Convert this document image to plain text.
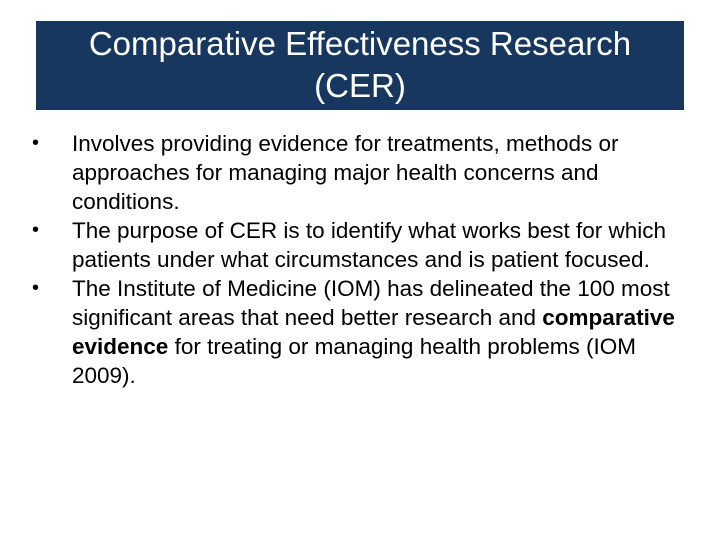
Comparative Effectiveness Research
(CER)
• Involves providing evidence for treatments, methods or approaches for managing major health concerns and conditions.
• The purpose of CER is to identify what works best for which patients under what circumstances and is patient focused.
• The Institute of Medicine (IOM) has delineated the 100 most significant areas that need better research and comparative evidence for treating or managing health problems (IOM 2009).
